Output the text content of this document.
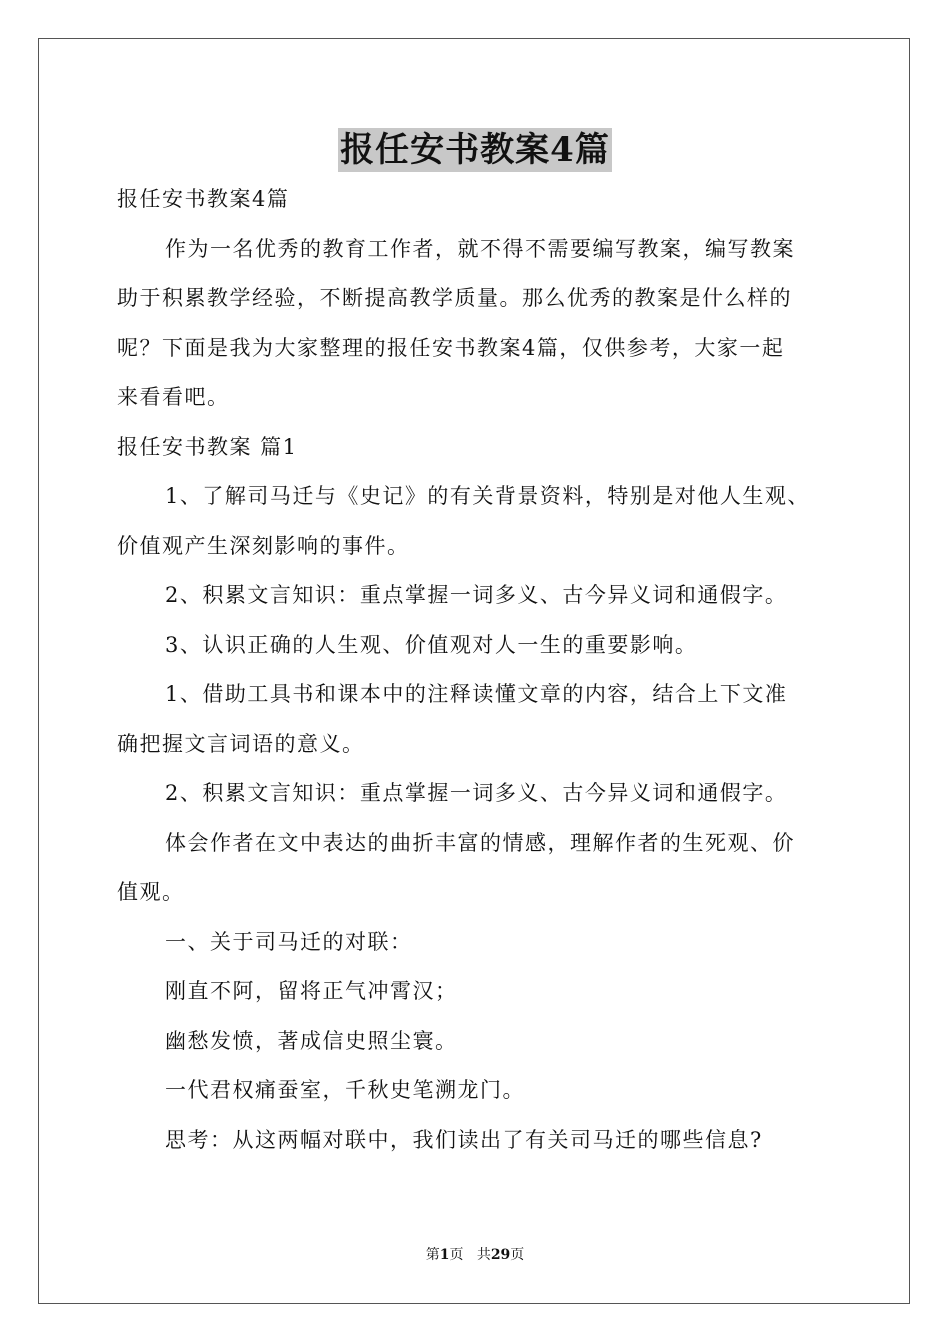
报任安书教案4篇
报任安书教案4篇
作为一名优秀的教育工作者，就不得不需要编写教案，编写教案
助于积累教学经验，不断提高教学质量。那么优秀的教案是什么样的
呢？下面是我为大家整理的报任安书教案4篇，仅供参考，大家一起
来看看吧。
报任安书教案 篇1
1、了解司马迁与《史记》的有关背景资料，特别是对他人生观、
价值观产生深刻影响的事件。
2、积累文言知识：重点掌握一词多义、古今异义词和通假字。
3、认识正确的人生观、价值观对人一生的重要影响。
1、借助工具书和课本中的注释读懂文章的内容，结合上下文准
确把握文言词语的意义。
2、积累文言知识：重点掌握一词多义、古今异义词和通假字。
体会作者在文中表达的曲折丰富的情感，理解作者的生死观、价
值观。
一、关于司马迁的对联：
刚直不阿，留将正气冲霄汉；
幽愁发愤，著成信史照尘寰。
一代君权痛蚕室，千秋史笔溯龙门。
思考：从这两幅对联中，我们读出了有关司马迁的哪些信息?
第1页 共29页
